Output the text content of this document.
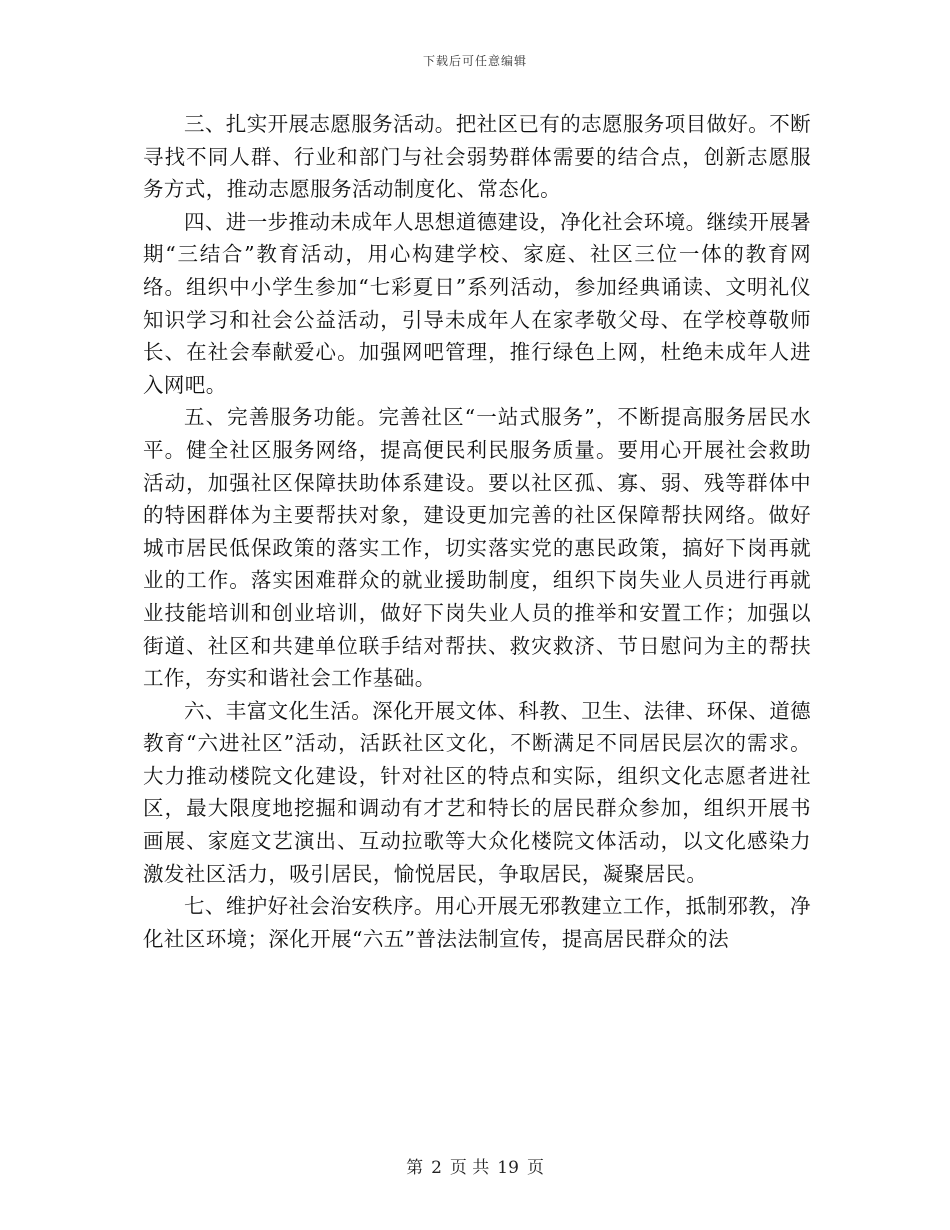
下载后可任意编辑

三、扎实开展志愿服务活动。把社区已有的志愿服务项目做好。不断寻找不同人群、行业和部门与社会弱势群体需要的结合点，创新志愿服务方式，推动志愿服务活动制度化、常态化。

四、进一步推动未成年人思想道德建设，净化社会环境。继续开展暑期“三结合”教育活动，用心构建学校、家庭、社区三位一体的教育网络。组织中小学生参加“七彩夏日”系列活动，参加经典诵读、文明礼仪知识学习和社会公益活动，引导未成年人在家孝敬父母、在学校尊敬师长、在社会奉献爱心。加强网吧管理，推行绿色上网，杜绝未成年人进入网吧。

五、完善服务功能。完善社区“一站式服务”，不断提高服务居民水平。健全社区服务网络，提高便民利民服务质量。要用心开展社会救助活动，加强社区保障扶助体系建设。要以社区孤、寡、弱、残等群体中的特困群体为主要帮扶对象，建设更加完善的社区保障帮扶网络。做好城市居民低保政策的落实工作，切实落实党的惠民政策，搞好下岗再就业的工作。落实困难群众的就业援助制度，组织下岗失业人员进行再就业技能培训和创业培训，做好下岗失业人员的推举和安置工作；加强以街道、社区和共建单位联手结对帮扶、救灾救济、节日慰问为主的帮扶工作，夯实和谐社会工作基础。

六、丰富文化生活。深化开展文体、科教、卫生、法律、环保、道德教育“六进社区”活动，活跃社区文化，不断满足不同居民层次的需求。大力推动楼院文化建设，针对社区的特点和实际，组织文化志愿者进社区，最大限度地挖掘和调动有才艺和特长的居民群众参加，组织开展书画展、家庭文艺演出、互动拉歌等大众化楼院文体活动，以文化感染力激发社区活力，吸引居民，愉悦居民，争取居民，凝聚居民。

七、维护好社会治安秩序。用心开展无邪教建立工作，抵制邪教，净化社区环境；深化开展“六五”普法法制宣传，提高居民群众的法

第 2 页 共 19 页
